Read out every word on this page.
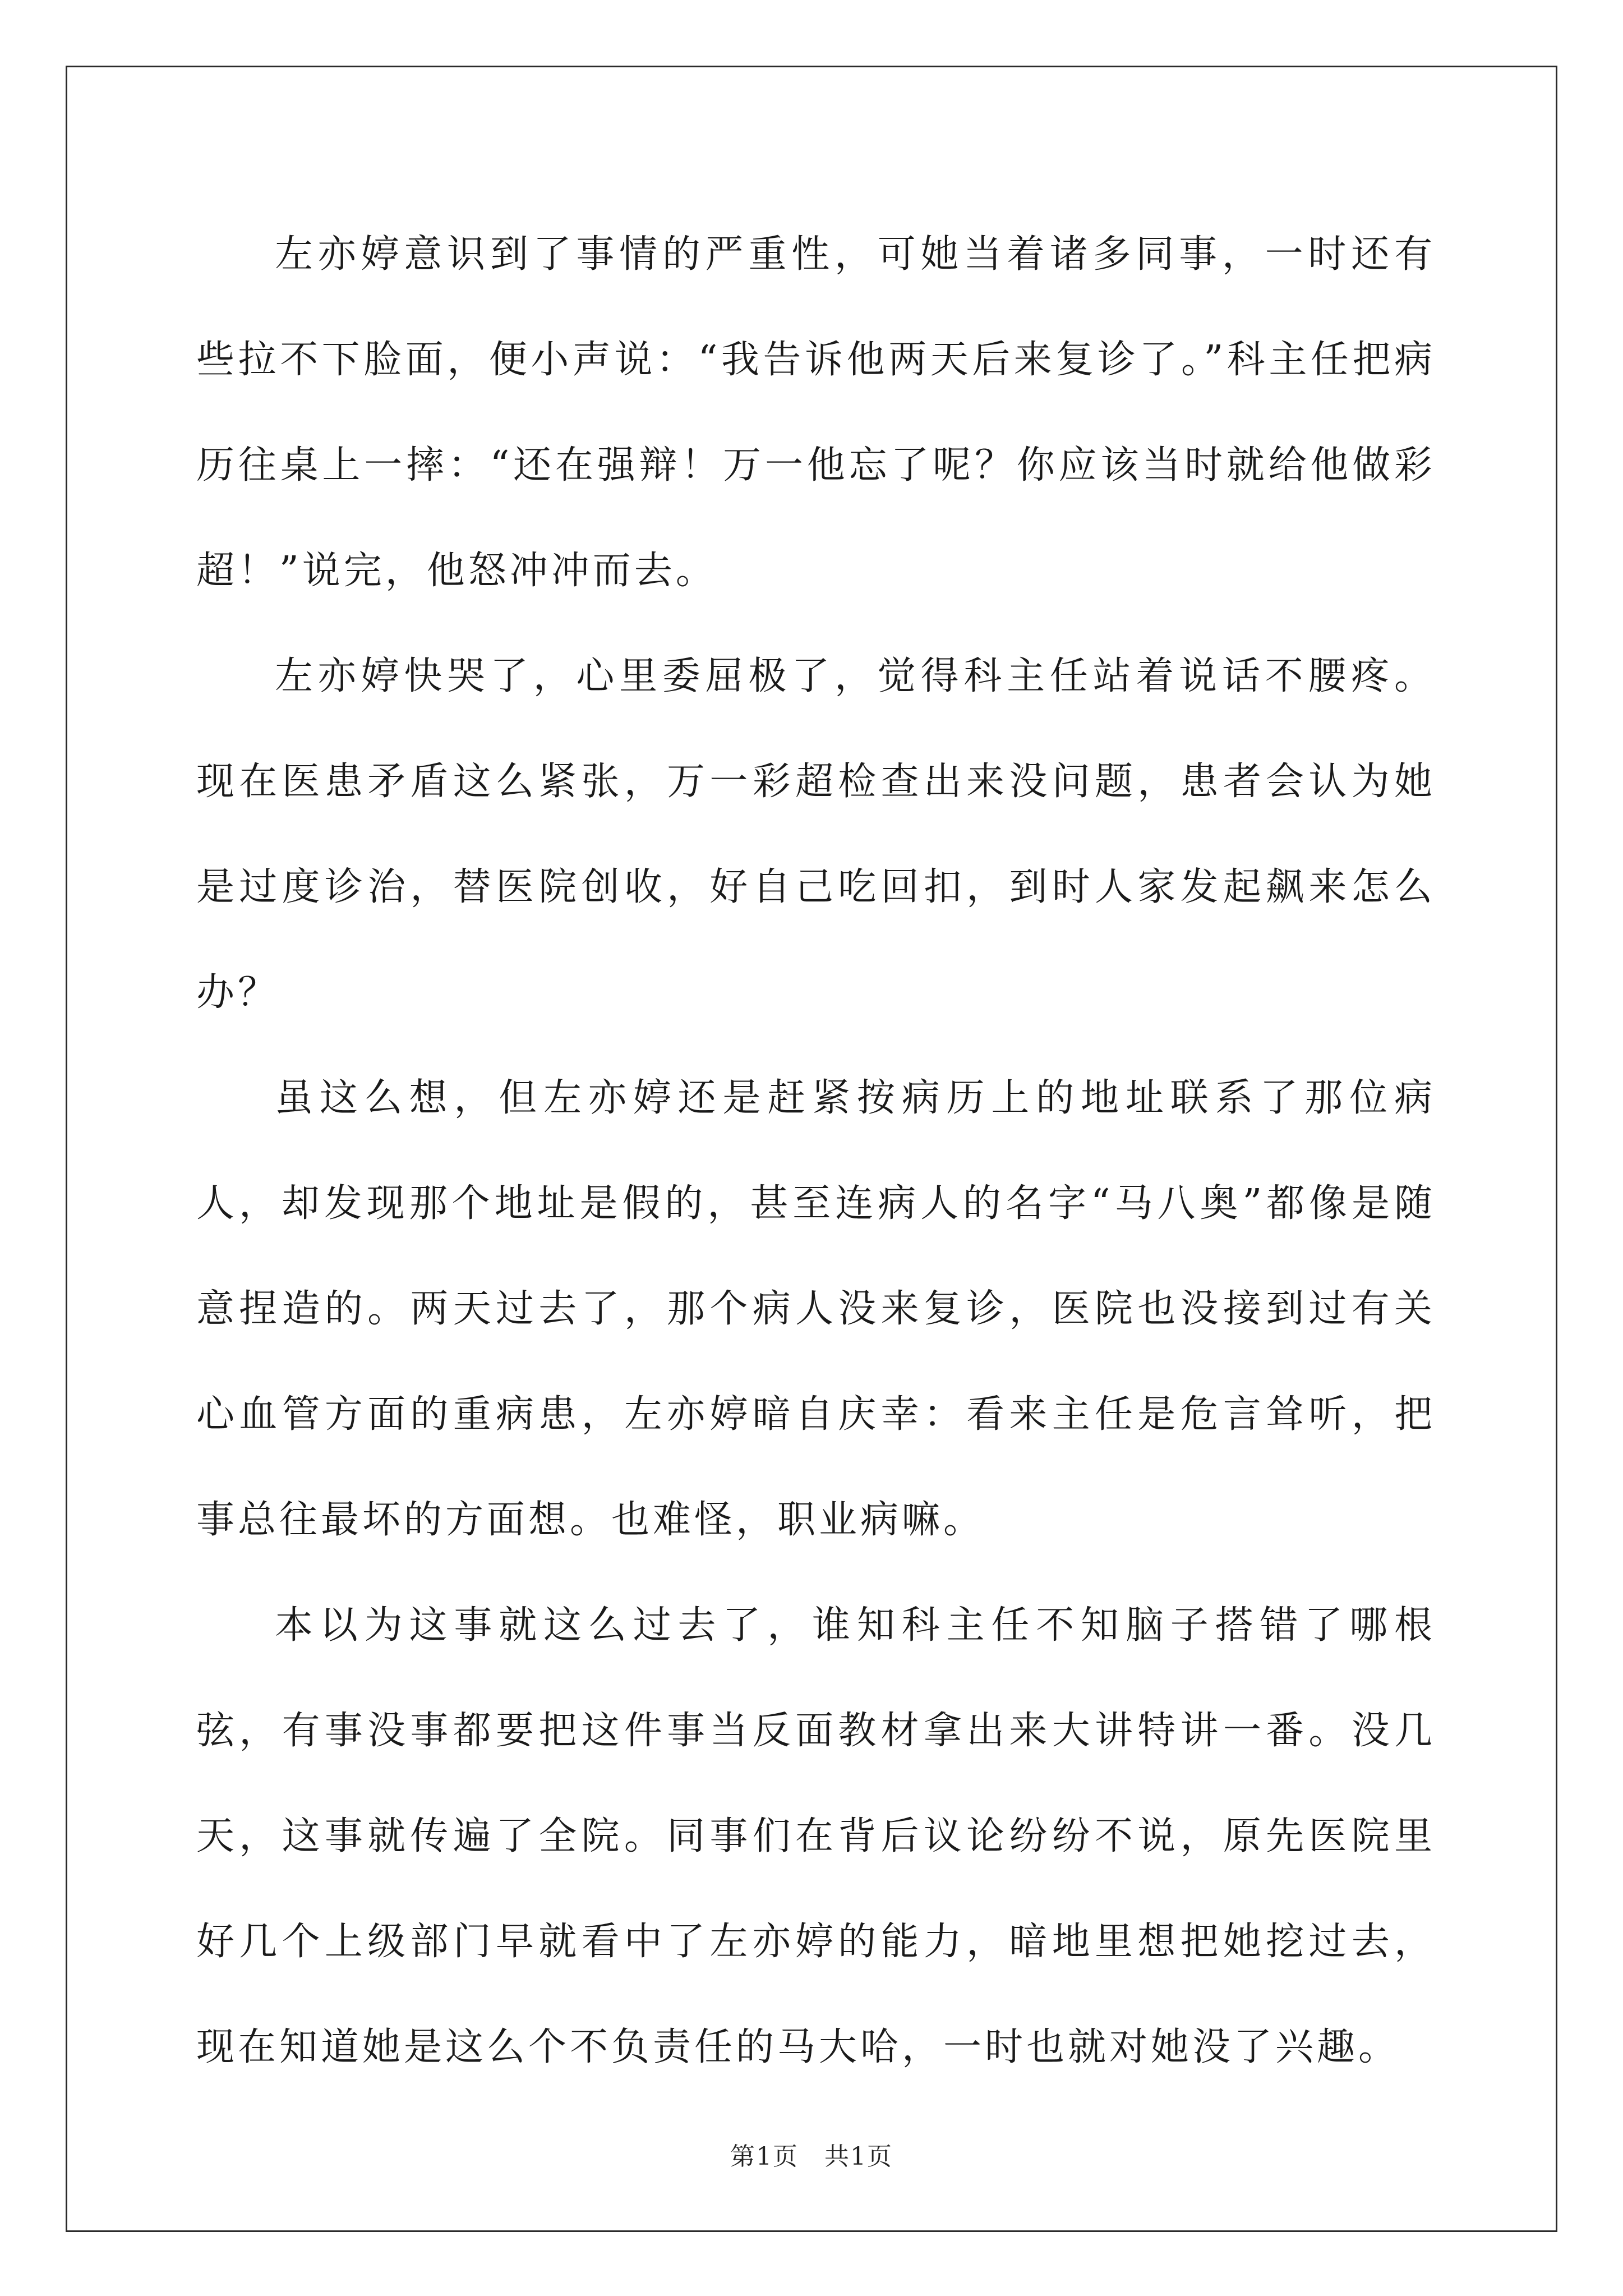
左亦婷意识到了事情的严重性，可她当着诸多同事，一时还有些拉不下脸面，便小声说：“我告诉他两天后来复诊了。”科主任把病历往桌上一摔：“还在强辩！万一他忘了呢？你应该当时就给他做彩超！”说完，他怒冲冲而去。

左亦婷快哭了，心里委屈极了，觉得科主任站着说话不腰疼。现在医患矛盾这么紧张，万一彩超检查出来没问题，患者会认为她是过度诊治，替医院创收，好自己吃回扣，到时人家发起飙来怎么办？

虽这么想，但左亦婷还是赶紧按病历上的地址联系了那位病人，却发现那个地址是假的，甚至连病人的名字“马八奥”都像是随意捏造的。两天过去了，那个病人没来复诊，医院也没接到过有关心血管方面的重病患，左亦婷暗自庆幸：看来主任是危言耸听，把事总往最坏的方面想。也难怪，职业病嘛。

本以为这事就这么过去了，谁知科主任不知脑子搭错了哪根弦，有事没事都要把这件事当反面教材拿出来大讲特讲一番。没几天，这事就传遍了全院。同事们在背后议论纷纷不说，原先医院里好几个上级部门早就看中了左亦婷的能力，暗地里想把她挖过去，现在知道她是这么个不负责任的马大哈，一时也就对她没了兴趣。

第1页 共1页
